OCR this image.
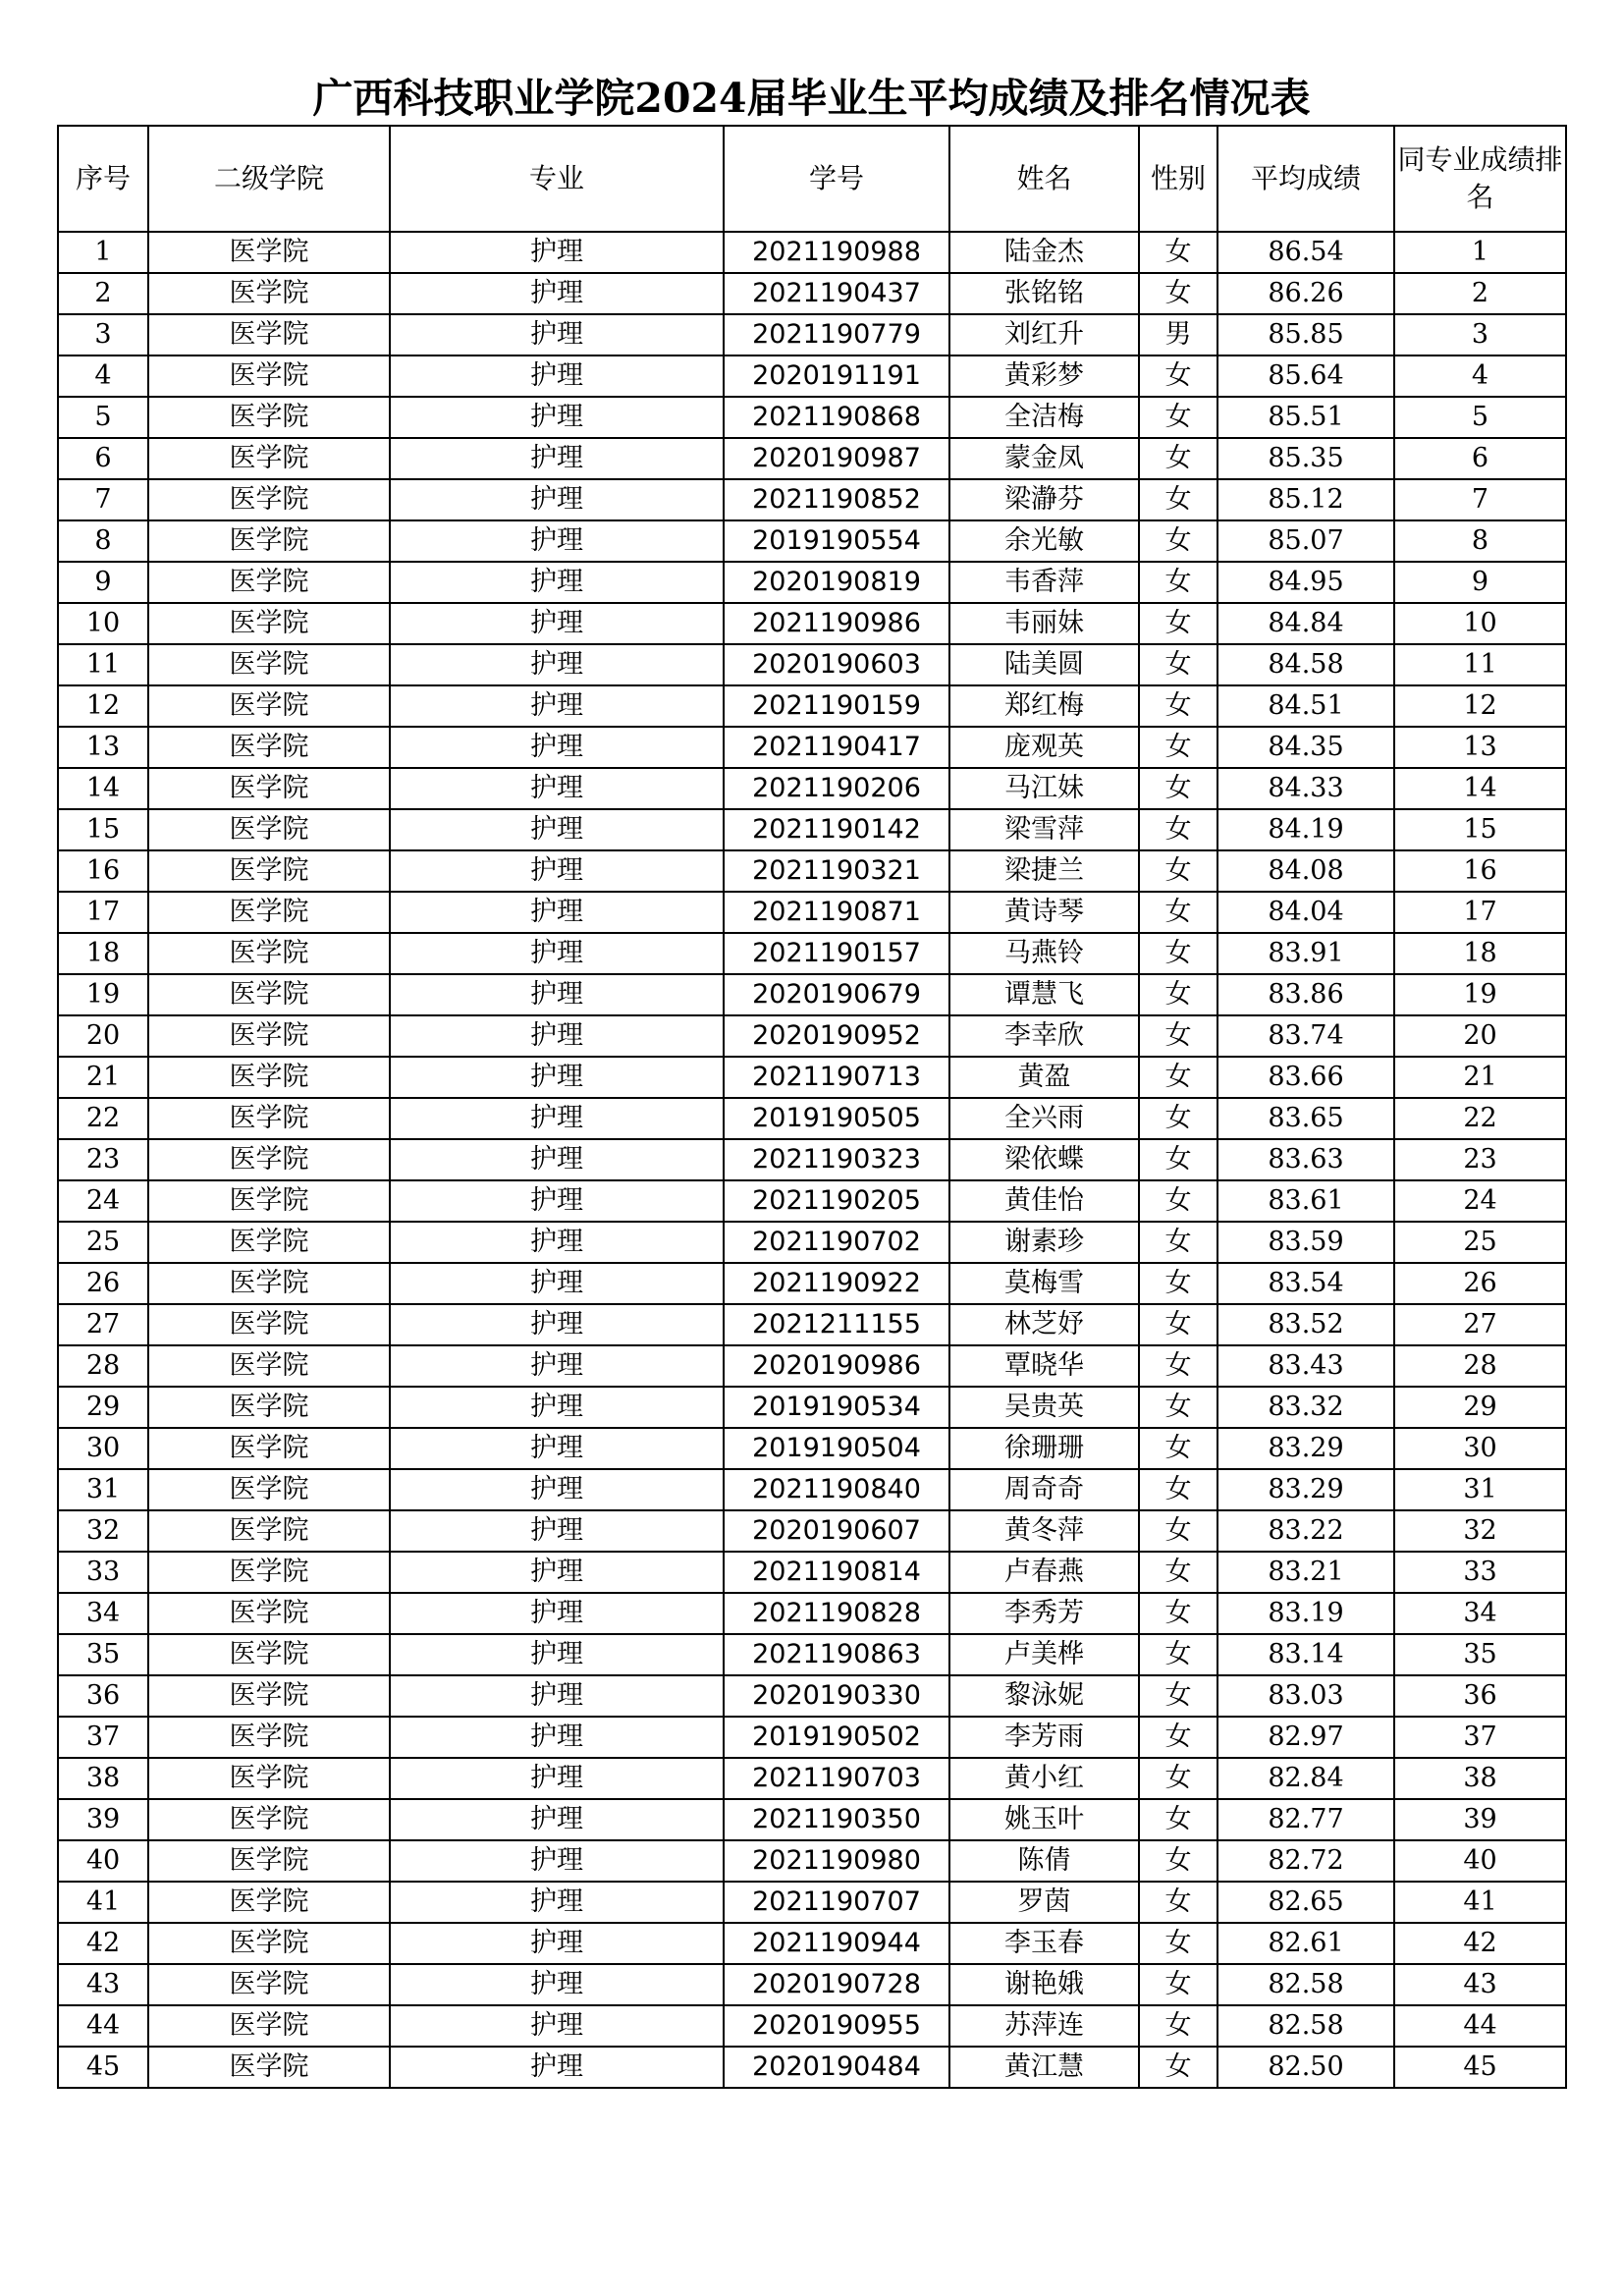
广西科技职业学院2024届毕业生平均成绩及排名情况表
序号	二级学院	专业	学号	姓名	性别	平均成绩	同专业成绩排名
1	医学院	护理	2021190988	陆金杰	女	86.54	1
2	医学院	护理	2021190437	张铭铭	女	86.26	2
3	医学院	护理	2021190779	刘红升	男	85.85	3
4	医学院	护理	2020191191	黄彩梦	女	85.64	4
5	医学院	护理	2021190868	全洁梅	女	85.51	5
6	医学院	护理	2020190987	蒙金凤	女	85.35	6
7	医学院	护理	2021190852	梁瀞芬	女	85.12	7
8	医学院	护理	2019190554	余光敏	女	85.07	8
9	医学院	护理	2020190819	韦香萍	女	84.95	9
10	医学院	护理	2021190986	韦丽妹	女	84.84	10
11	医学院	护理	2020190603	陆美圆	女	84.58	11
12	医学院	护理	2021190159	郑红梅	女	84.51	12
13	医学院	护理	2021190417	庞观英	女	84.35	13
14	医学院	护理	2021190206	马江妹	女	84.33	14
15	医学院	护理	2021190142	梁雪萍	女	84.19	15
16	医学院	护理	2021190321	梁捷兰	女	84.08	16
17	医学院	护理	2021190871	黄诗琴	女	84.04	17
18	医学院	护理	2021190157	马燕铃	女	83.91	18
19	医学院	护理	2020190679	谭慧飞	女	83.86	19
20	医学院	护理	2020190952	李幸欣	女	83.74	20
21	医学院	护理	2021190713	黄盈	女	83.66	21
22	医学院	护理	2019190505	全兴雨	女	83.65	22
23	医学院	护理	2021190323	梁依蝶	女	83.63	23
24	医学院	护理	2021190205	黄佳怡	女	83.61	24
25	医学院	护理	2021190702	谢素珍	女	83.59	25
26	医学院	护理	2021190922	莫梅雪	女	83.54	26
27	医学院	护理	2021211155	林芝妤	女	83.52	27
28	医学院	护理	2020190986	覃晓华	女	83.43	28
29	医学院	护理	2019190534	吴贵英	女	83.32	29
30	医学院	护理	2019190504	徐珊珊	女	83.29	30
31	医学院	护理	2021190840	周奇奇	女	83.29	31
32	医学院	护理	2020190607	黄冬萍	女	83.22	32
33	医学院	护理	2021190814	卢春燕	女	83.21	33
34	医学院	护理	2021190828	李秀芳	女	83.19	34
35	医学院	护理	2021190863	卢美桦	女	83.14	35
36	医学院	护理	2020190330	黎泳妮	女	83.03	36
37	医学院	护理	2019190502	李芳雨	女	82.97	37
38	医学院	护理	2021190703	黄小红	女	82.84	38
39	医学院	护理	2021190350	姚玉叶	女	82.77	39
40	医学院	护理	2021190980	陈倩	女	82.72	40
41	医学院	护理	2021190707	罗茵	女	82.65	41
42	医学院	护理	2021190944	李玉春	女	82.61	42
43	医学院	护理	2020190728	谢艳娥	女	82.58	43
44	医学院	护理	2020190955	苏萍连	女	82.58	44
45	医学院	护理	2020190484	黄江慧	女	82.50	45
